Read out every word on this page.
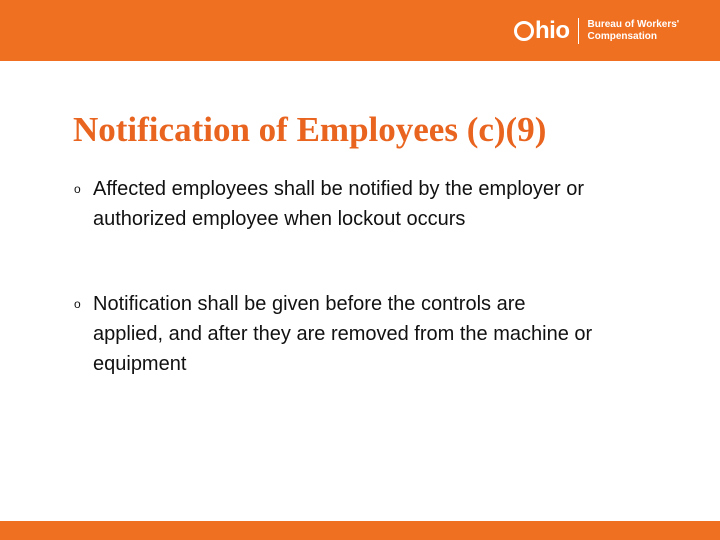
hio Bureau of Workers'
Compensation
Notification of Employees (c)(9)
o Affected employees shall be notified by the employer or authorized employee when lockout occurs
o Notification shall be given before the controls are applied, and after they are removed from the machine or equipment
